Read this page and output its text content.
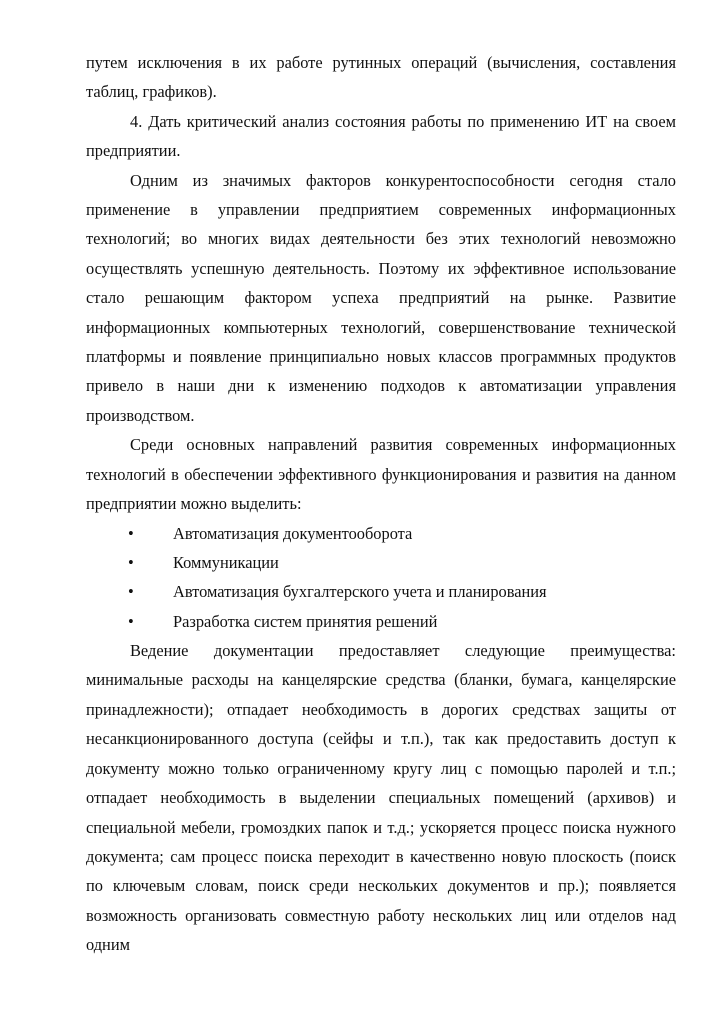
путем исключения в их работе рутинных операций (вычисления, составления таблиц, графиков).

4. Дать критический анализ состояния работы по применению ИТ на своем предприятии.

Одним из значимых факторов конкурентоспособности сегодня стало применение в управлении предприятием современных информационных технологий; во многих видах деятельности без этих технологий невозможно осуществлять успешную деятельность. Поэтому их эффективное использование стало решающим фактором успеха предприятий на рынке. Развитие информационных компьютерных технологий, совершенствование технической платформы и появление принципиально новых классов программных продуктов привело в наши дни к изменению подходов к автоматизации управления производством.

Среди основных направлений развития современных информационных технологий в обеспечении эффективного функционирования и развития на данном предприятии можно выделить:

• Автоматизация документооборота
• Коммуникации
• Автоматизация бухгалтерского учета и планирования
• Разработка систем принятия решений

Ведение документации предоставляет следующие преимущества: минимальные расходы на канцелярские средства (бланки, бумага, канцелярские принадлежности); отпадает необходимость в дорогих средствах защиты от несанкционированного доступа (сейфы и т.п.), так как предоставить доступ к документу можно только ограниченному кругу лиц с помощью паролей и т.п.; отпадает необходимость в выделении специальных помещений (архивов) и специальной мебели, громоздких папок и т.д.; ускоряется процесс поиска нужного документа; сам процесс поиска переходит в качественно новую плоскость (поиск по ключевым словам, поиск среди нескольких документов и пр.); появляется возможность организовать совместную работу нескольких лиц или отделов над одним
